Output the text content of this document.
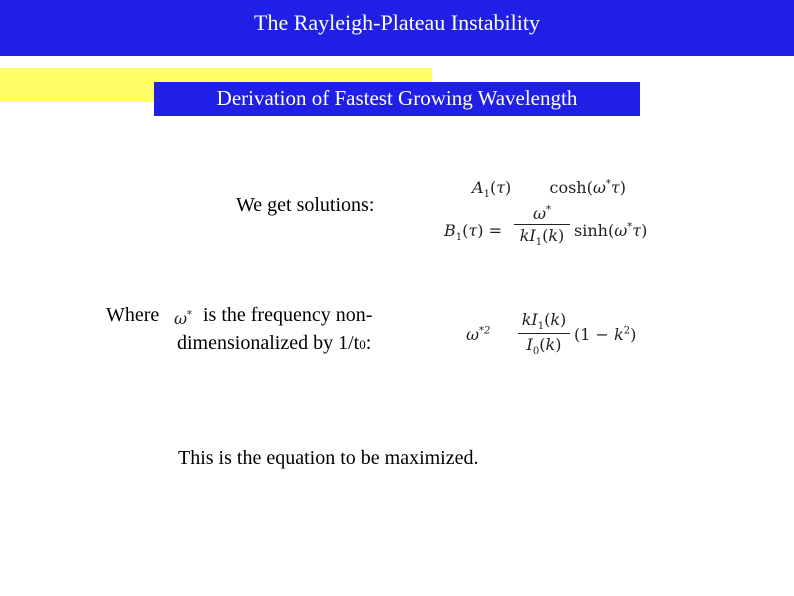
The Rayleigh-Plateau Instability
Derivation of Fastest Growing Wavelength
We get solutions:
$A_1(\tau)$ cosh(ω*τ)
$B_1(\tau) = \frac{\omega^*}{kI_1(k)} \sinh(\omega^*\tau)$
Where ω* is the frequency non-
dimensionalized by 1/t0:	$\omega^{*2} \frac{kI_1(k)}{I_0(k)} (1 - k^2)$
This is the equation to be maximized.
